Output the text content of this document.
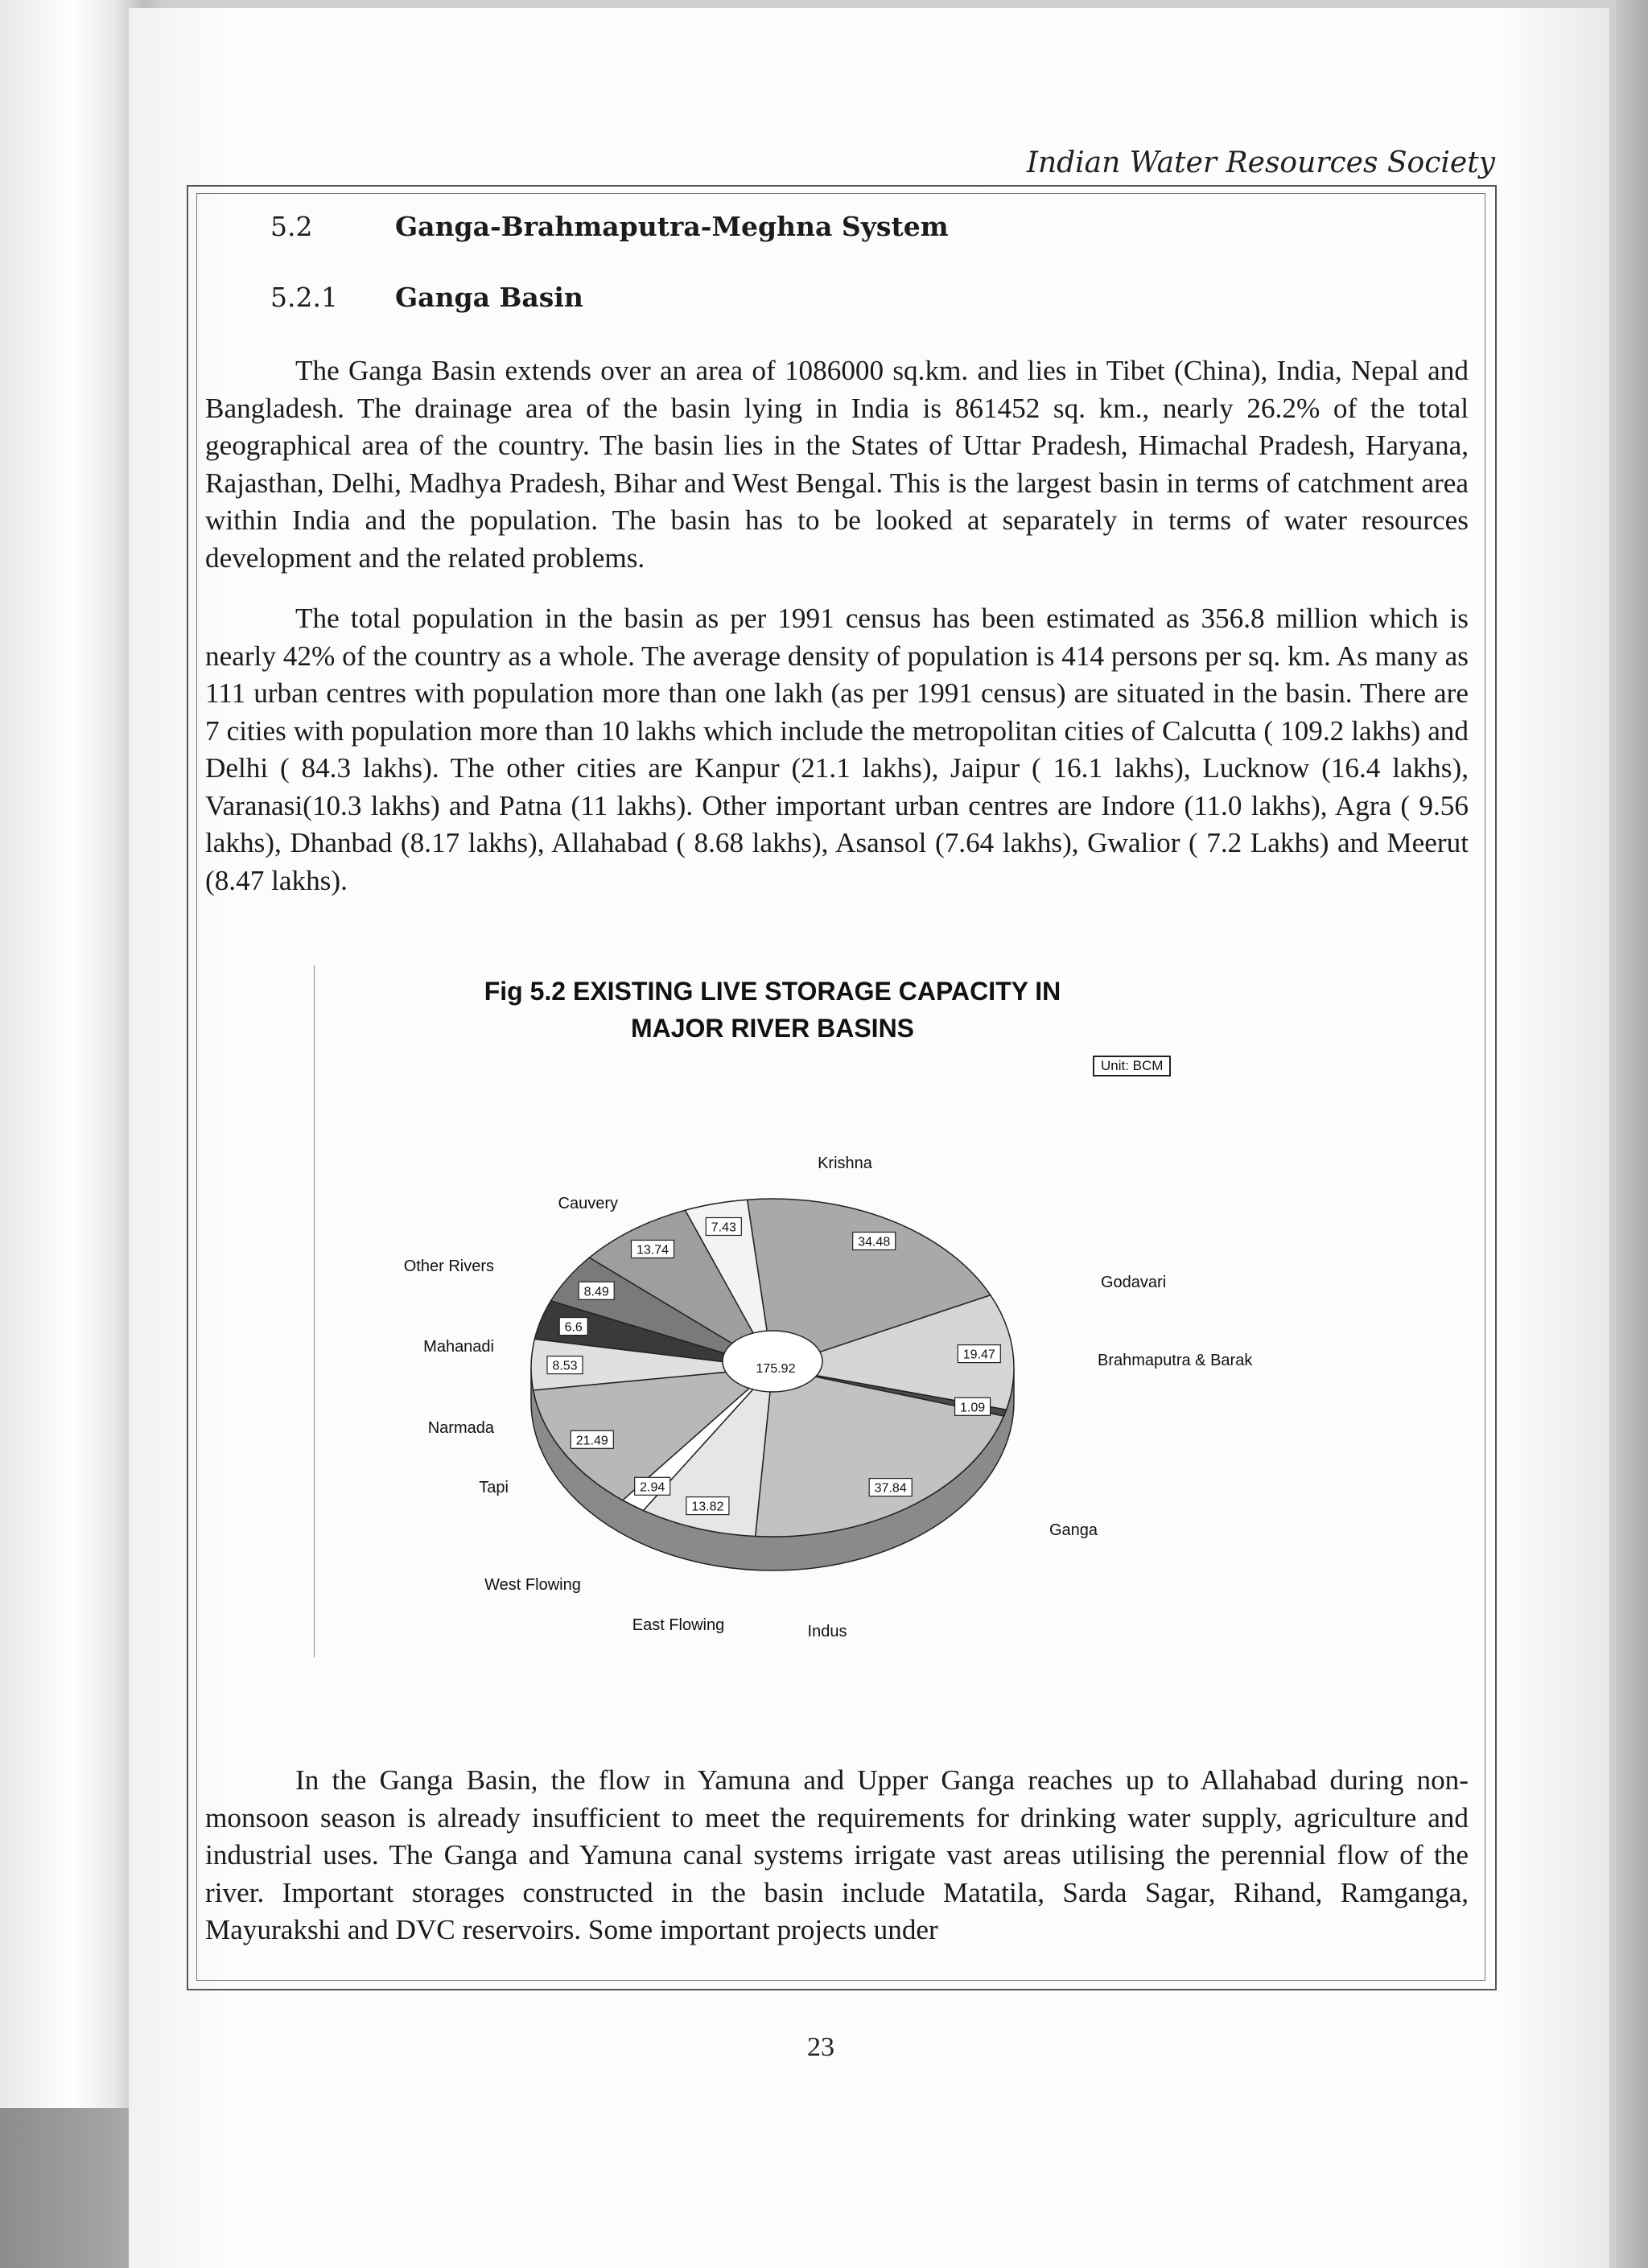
Indian Water Resources Society
5.2	Ganga-Brahmaputra-Meghna System
5.2.1 Ganga Basin

The Ganga Basin extends over an area of 1086000 sq.km. and lies in Tibet (China), India, Nepal and Bangladesh. The drainage area of the basin lying in India is 861452 sq. km., nearly 26.2% of the total geographical area of the country. The basin lies in the States of Uttar Pradesh, Himachal Pradesh, Haryana, Rajasthan, Delhi, Madhya Pradesh, Bihar and West Bengal. This is the largest basin in terms of catchment area within India and the population. The basin has to be looked at separately in terms of water resources development and the related problems.

The total population in the basin as per 1991 census has been estimated as 356.8 million which is nearly 42% of the country as a whole. The average density of population is 414 persons per sq. km. As many as 111 urban centres with population more than one lakh (as per 1991 census) are situated in the basin. There are 7 cities with population more than 10 lakhs which include the metropolitan cities of Calcutta ( 109.2 lakhs) and Delhi ( 84.3 lakhs). The other cities are Kanpur (21.1 lakhs), Jaipur ( 16.1 lakhs), Lucknow (16.4 lakhs), Varanasi(10.3 lakhs) and Patna (11 lakhs). Other important urban centres are Indore (11.0 lakhs), Agra ( 9.56 lakhs), Dhanbad (8.17 lakhs), Allahabad ( 8.68 lakhs), Asansol (7.64 lakhs), Gwalior ( 7.2 Lakhs) and Meerut (8.47 lakhs).

Fig 5.2 EXISTING LIVE STORAGE CAPACITY IN
MAJOR RIVER BASINS
Unit: BCM
175.92
34.48
Krishna
19.47
Godavari
1.09
Brahmaputra & Barak
37.84
Ganga
13.82
Indus
2.94
East Flowing
21.49
West Flowing
8.53
Tapi
6.6
Narmada
8.49
Mahanadi
13.74
Other Rivers
7.43
Cauvery

In the Ganga Basin, the flow in Yamuna and Upper Ganga reaches up to Allahabad during non-monsoon season is already insufficient to meet the requirements for drinking water supply, agriculture and industrial uses. The Ganga and Yamuna canal systems irrigate vast areas utilising the perennial flow of the river. Important storages constructed in the basin include Matatila, Sarda Sagar, Rihand, Ramganga, Mayurakshi and DVC reservoirs. Some important projects under

23
